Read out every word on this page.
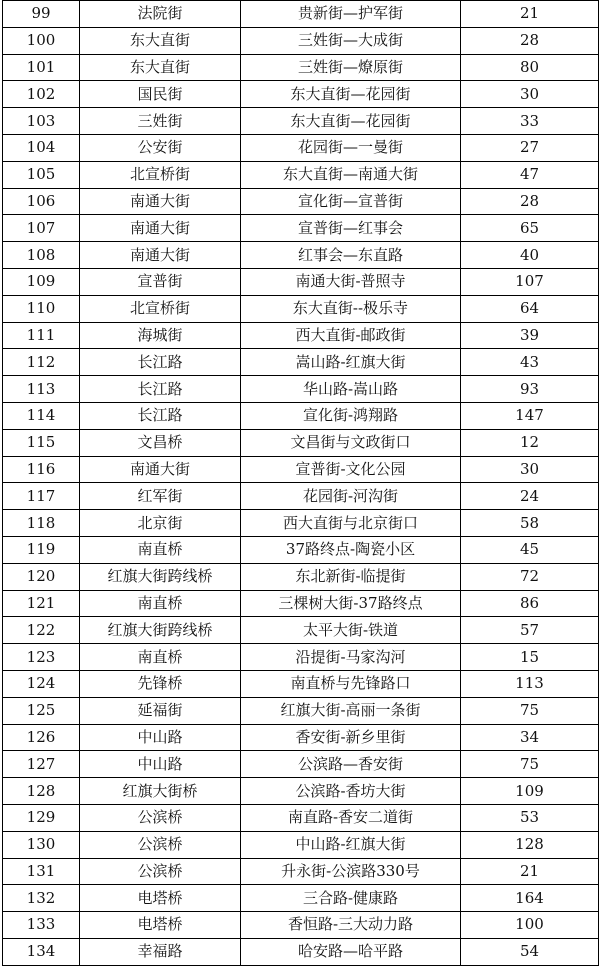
99	法院街	贵新街—护军街	21
100	东大直街	三姓街—大成街	28
101	东大直街	三姓街—燎原街	80
102	国民街	东大直街—花园街	30
103	三姓街	东大直街—花园街	33
104	公安街	花园街—一曼街	27
105	北宣桥街	东大直街—南通大街	47
106	南通大街	宣化街—宣普街	28
107	南通大街	宣普街—红事会	65
108	南通大街	红事会—东直路	40
109	宣普街	南通大街-普照寺	107
110	北宣桥街	东大直街--极乐寺	64
111	海城街	西大直街-邮政街	39
112	长江路	嵩山路-红旗大街	43
113	长江路	华山路-嵩山路	93
114	长江路	宣化街-鸿翔路	147
115	文昌桥	文昌街与文政街口	12
116	南通大街	宣普街-文化公园	30
117	红军街	花园街-河沟街	24
118	北京街	西大直街与北京街口	58
119	南直桥	37路终点-陶瓷小区	45
120	红旗大街跨线桥	东北新街-临提街	72
121	南直桥	三棵树大街-37路终点	86
122	红旗大街跨线桥	太平大街-铁道	57
123	南直桥	沿提街-马家沟河	15
124	先锋桥	南直桥与先锋路口	113
125	延福街	红旗大街-高丽一条街	75
126	中山路	香安街-新乡里街	34
127	中山路	公滨路—香安街	75
128	红旗大街桥	公滨路-香坊大街	109
129	公滨桥	南直路-香安二道街	53
130	公滨桥	中山路-红旗大街	128
131	公滨桥	升永街-公滨路330号	21
132	电塔桥	三合路-健康路	164
133	电塔桥	香恒路-三大动力路	100
134	幸福路	哈安路—哈平路	54
